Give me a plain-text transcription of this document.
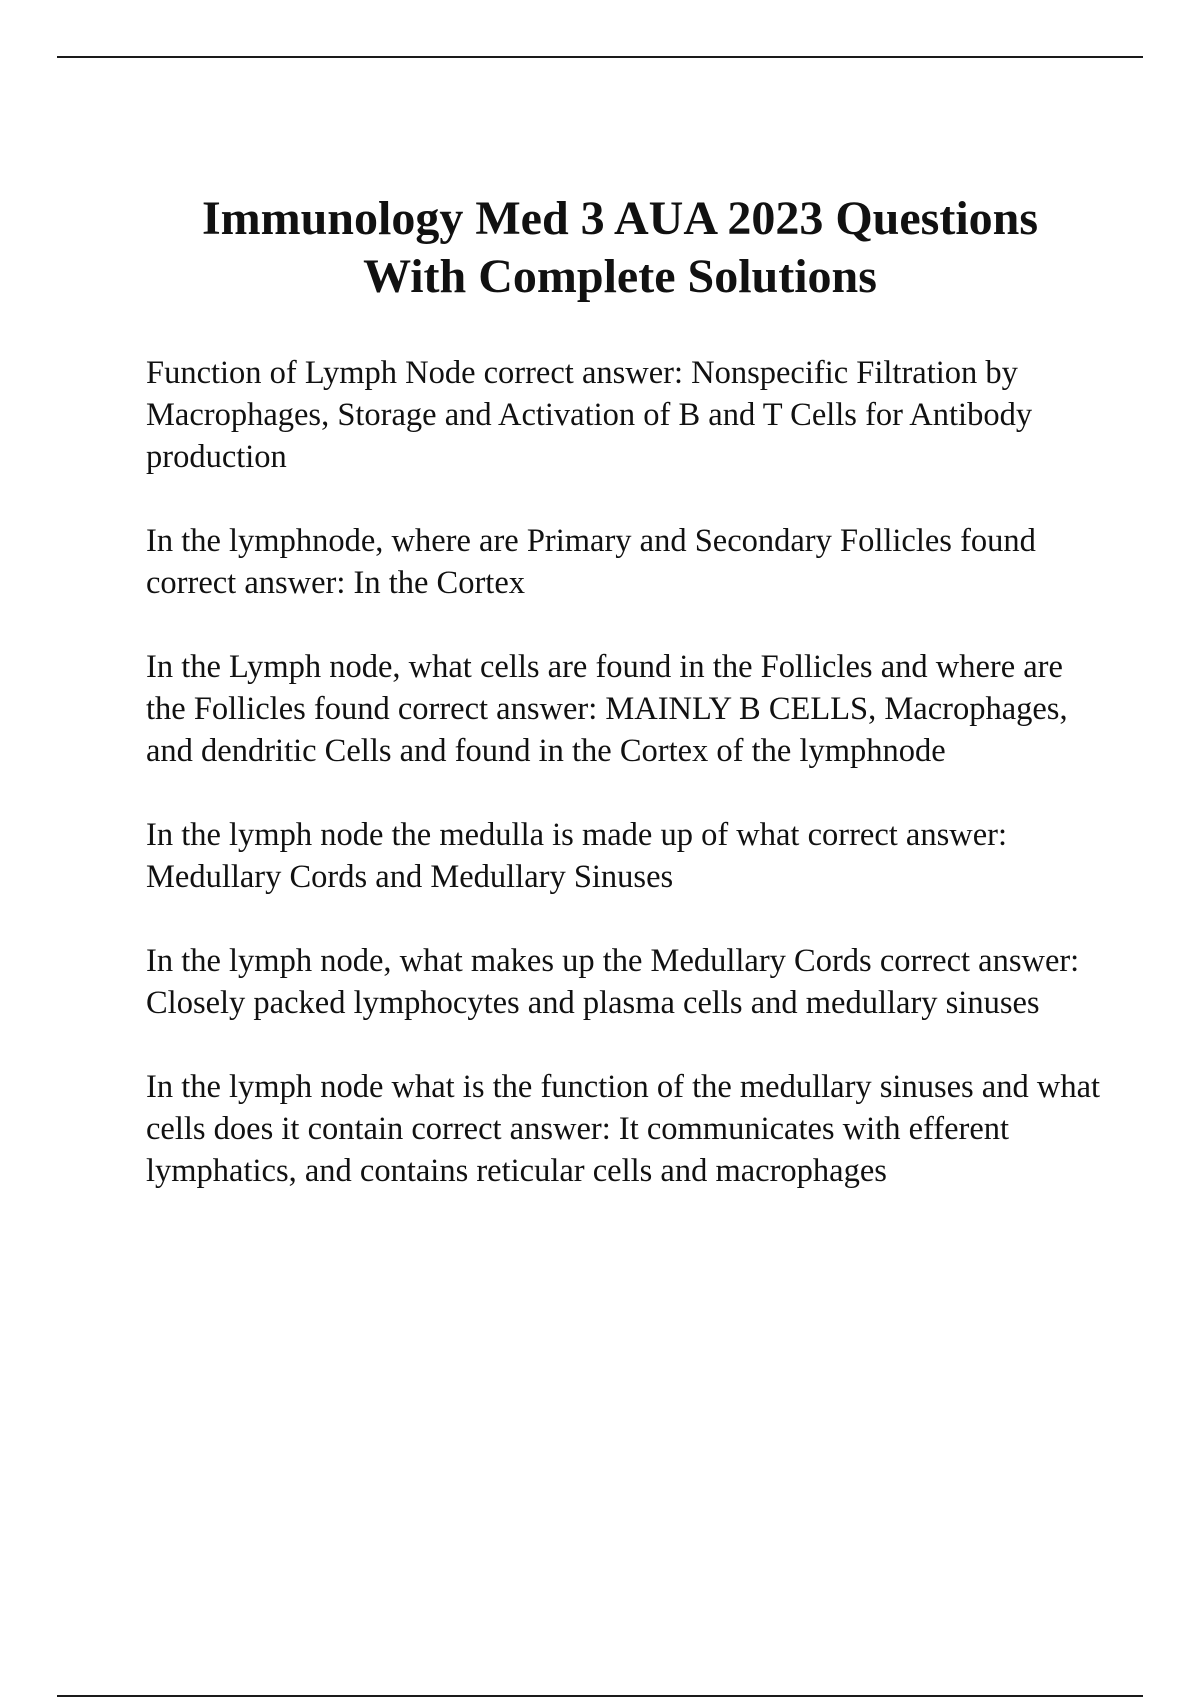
Immunology Med 3 AUA 2023 Questions
With Complete Solutions

Function of Lymph Node correct answer: Nonspecific Filtration by Macrophages, Storage and Activation of B and T Cells for Antibody production

In the lymphnode, where are Primary and Secondary Follicles found correct answer: In the Cortex

In the Lymph node, what cells are found in the Follicles and where are the Follicles found correct answer: MAINLY B CELLS, Macrophages, and dendritic Cells and found in the Cortex of the lymphnode

In the lymph node the medulla is made up of what correct answer: Medullary Cords and Medullary Sinuses

In the lymph node, what makes up the Medullary Cords correct answer: Closely packed lymphocytes and plasma cells and medullary sinuses

In the lymph node what is the function of the medullary sinuses and what cells does it contain correct answer: It communicates with efferent lymphatics, and contains reticular cells and macrophages
